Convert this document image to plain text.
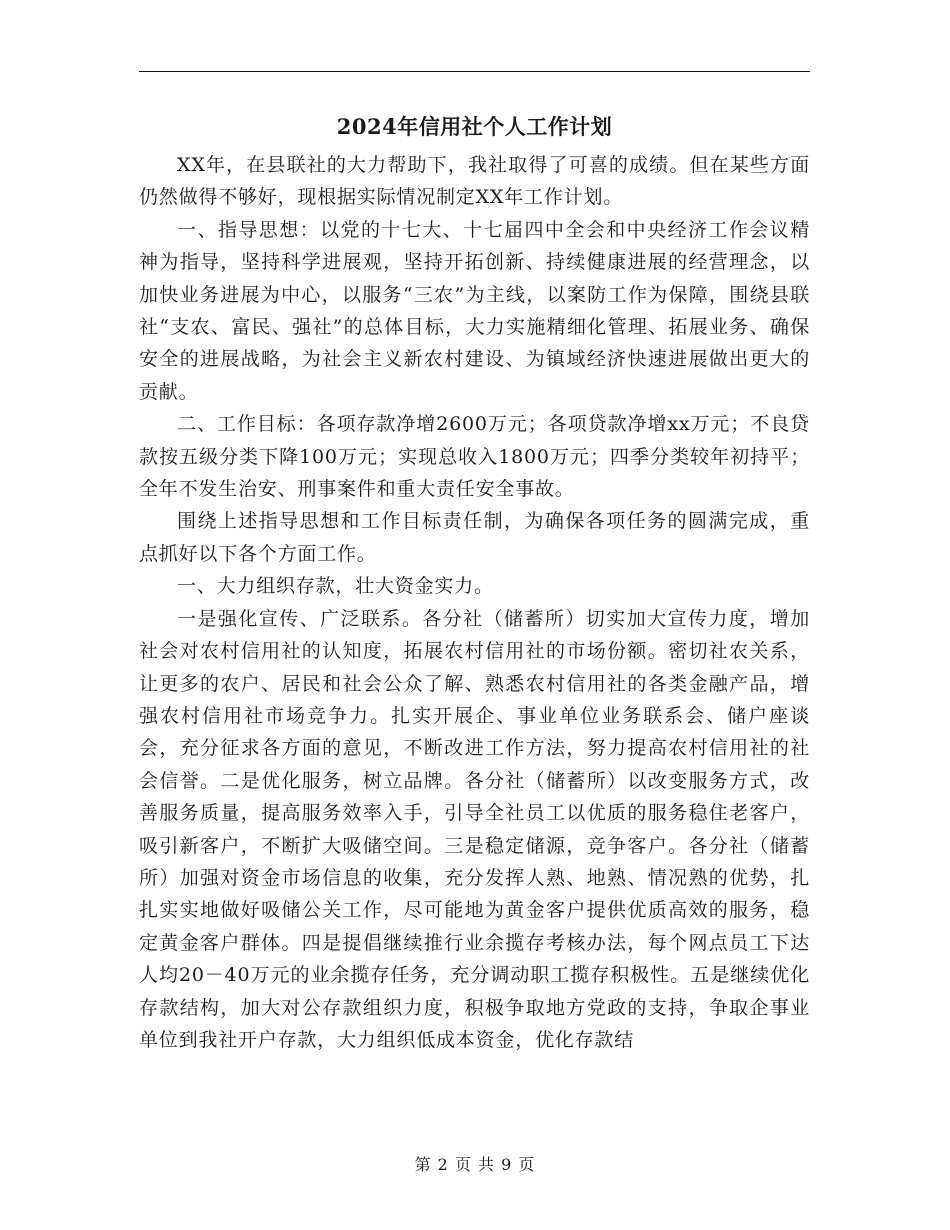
2024年信用社个人工作计划

XX年，在县联社的大力帮助下，我社取得了可喜的成绩。但在某些方面仍然做得不够好，现根据实际情况制定XX年工作计划。

一、指导思想：以党的十七大、十七届四中全会和中央经济工作会议精神为指导，坚持科学进展观，坚持开拓创新、持续健康进展的经营理念，以加快业务进展为中心，以服务“三农”为主线，以案防工作为保障，围绕县联社“支农、富民、强社”的总体目标，大力实施精细化管理、拓展业务、确保安全的进展战略，为社会主义新农村建设、为镇域经济快速进展做出更大的贡献。

二、工作目标：各项存款净增2600万元；各项贷款净增xx万元；不良贷款按五级分类下降100万元；实现总收入1800万元；四季分类较年初持平；全年不发生治安、刑事案件和重大责任安全事故。

围绕上述指导思想和工作目标责任制，为确保各项任务的圆满完成，重点抓好以下各个方面工作。

一、大力组织存款，壮大资金实力。

一是强化宣传、广泛联系。各分社（储蓄所）切实加大宣传力度，增加社会对农村信用社的认知度，拓展农村信用社的市场份额。密切社农关系，让更多的农户、居民和社会公众了解、熟悉农村信用社的各类金融产品，增强农村信用社市场竞争力。扎实开展企、事业单位业务联系会、储户座谈会，充分征求各方面的意见，不断改进工作方法，努力提高农村信用社的社会信誉。二是优化服务，树立品牌。各分社（储蓄所）以改变服务方式，改善服务质量，提高服务效率入手，引导全社员工以优质的服务稳住老客户，吸引新客户，不断扩大吸储空间。三是稳定储源，竞争客户。各分社（储蓄所）加强对资金市场信息的收集，充分发挥人熟、地熟、情况熟的优势，扎扎实实地做好吸储公关工作，尽可能地为黄金客户提供优质高效的服务，稳定黄金客户群体。四是提倡继续推行业余揽存考核办法，每个网点员工下达人均20－40万元的业余揽存任务，充分调动职工揽存积极性。五是继续优化存款结构，加大对公存款组织力度，积极争取地方党政的支持，争取企事业单位到我社开户存款，大力组织低成本资金，优化存款结

第 2 页 共 9 页
